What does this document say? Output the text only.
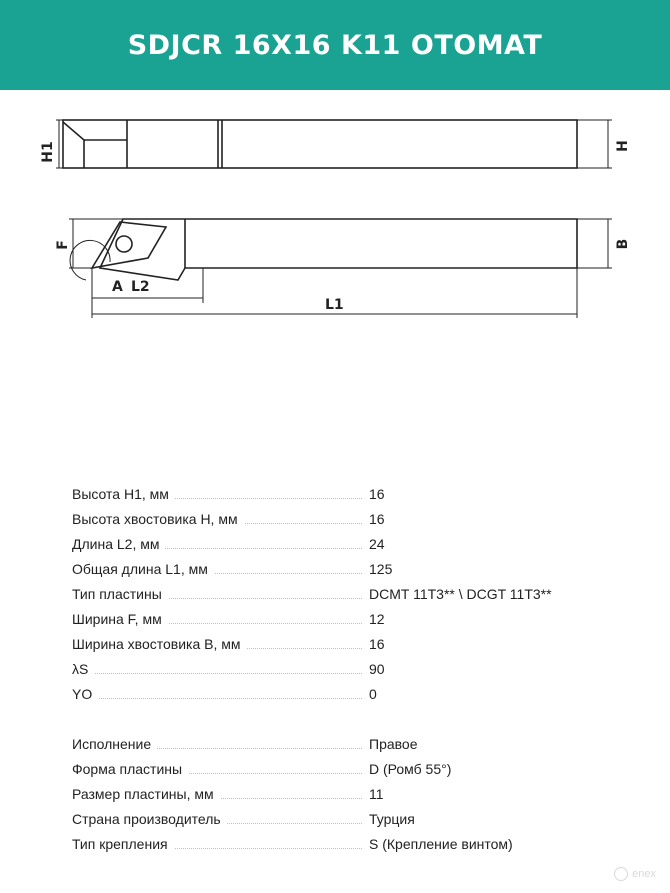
SDJCR 16X16 K11 OTOMAT
H1	H
F	B
A L2
L1
Высота H1, мм	16
Высота хвостовика H, мм	16
Длина L2, мм	24
Общая длина L1, мм	125
Тип пластины	DCMT 11T3** \ DCGT 11T3**
Ширина F, мм	12
Ширина хвостовика B, мм	16
λS	90
YO	0
Исполнение	Правое
Форма пластины	D (Ромб 55°)
Размер пластины, мм	11
Страна производитель	Турция
Тип крепления	S (Крепление винтом)
enex
